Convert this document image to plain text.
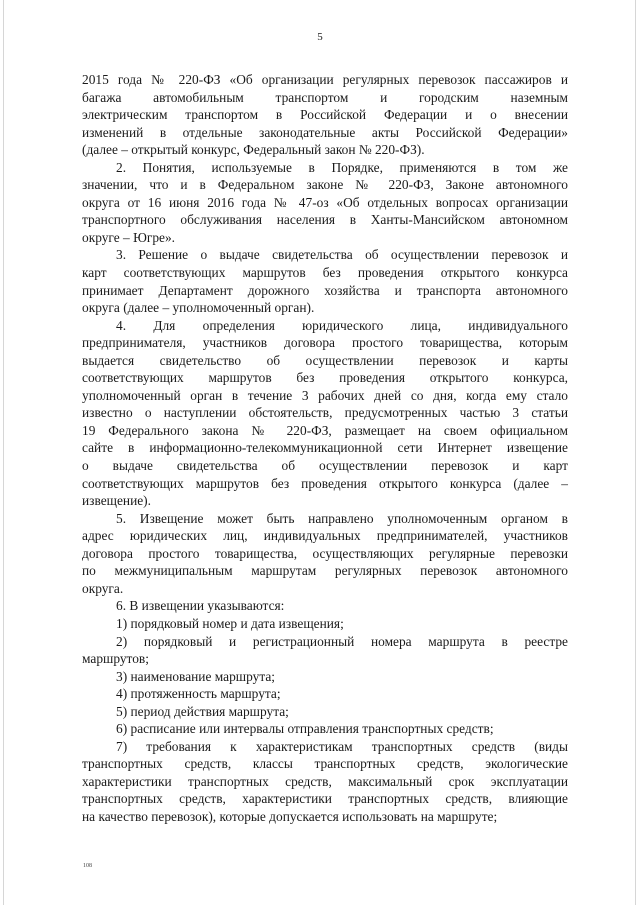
5
2015 года № 220-ФЗ «Об организации регулярных перевозок пассажиров и
багажа автомобильным транспортом и городским наземным
электрическим транспортом в Российской Федерации и о внесении
изменений в отдельные законодательные акты Российской Федерации»
(далее – открытый конкурс, Федеральный закон № 220-ФЗ).
2. Понятия, используемые в Порядке, применяются в том же
значении, что и в Федеральном законе № 220-ФЗ, Законе автономного
округа от 16 июня 2016 года № 47-оз «Об отдельных вопросах организации
транспортного обслуживания населения в Ханты-Мансийском автономном
округе – Югре».
3. Решение о выдаче свидетельства об осуществлении перевозок и
карт соответствующих маршрутов без проведения открытого конкурса
принимает Департамент дорожного хозяйства и транспорта автономного
округа (далее – уполномоченный орган).
4. Для определения юридического лица, индивидуального
предпринимателя, участников договора простого товарищества, которым
выдается свидетельство об осуществлении перевозок и карты
соответствующих маршрутов без проведения открытого конкурса,
уполномоченный орган в течение 3 рабочих дней со дня, когда ему стало
известно о наступлении обстоятельств, предусмотренных частью 3 статьи
19 Федерального закона № 220-ФЗ, размещает на своем официальном
сайте в информационно-телекоммуникационной сети Интернет извещение
о выдаче свидетельства об осуществлении перевозок и карт
соответствующих маршрутов без проведения открытого конкурса (далее –
извещение).
5. Извещение может быть направлено уполномоченным органом в
адрес юридических лиц, индивидуальных предпринимателей, участников
договора простого товарищества, осуществляющих регулярные перевозки
по межмуниципальным маршрутам регулярных перевозок автономного
округа.
6. В извещении указываются:
1) порядковый номер и дата извещения;
2) порядковый и регистрационный номера маршрута в реестре
маршрутов;
3) наименование маршрута;
4) протяженность маршрута;
5) период действия маршрута;
6) расписание или интервалы отправления транспортных средств;
7) требования к характеристикам транспортных средств (виды
транспортных средств, классы транспортных средств, экологические
характеристики транспортных средств, максимальный срок эксплуатации
транспортных средств, характеристики транспортных средств, влияющие
на качество перевозок), которые допускается использовать на маршруте;
108
